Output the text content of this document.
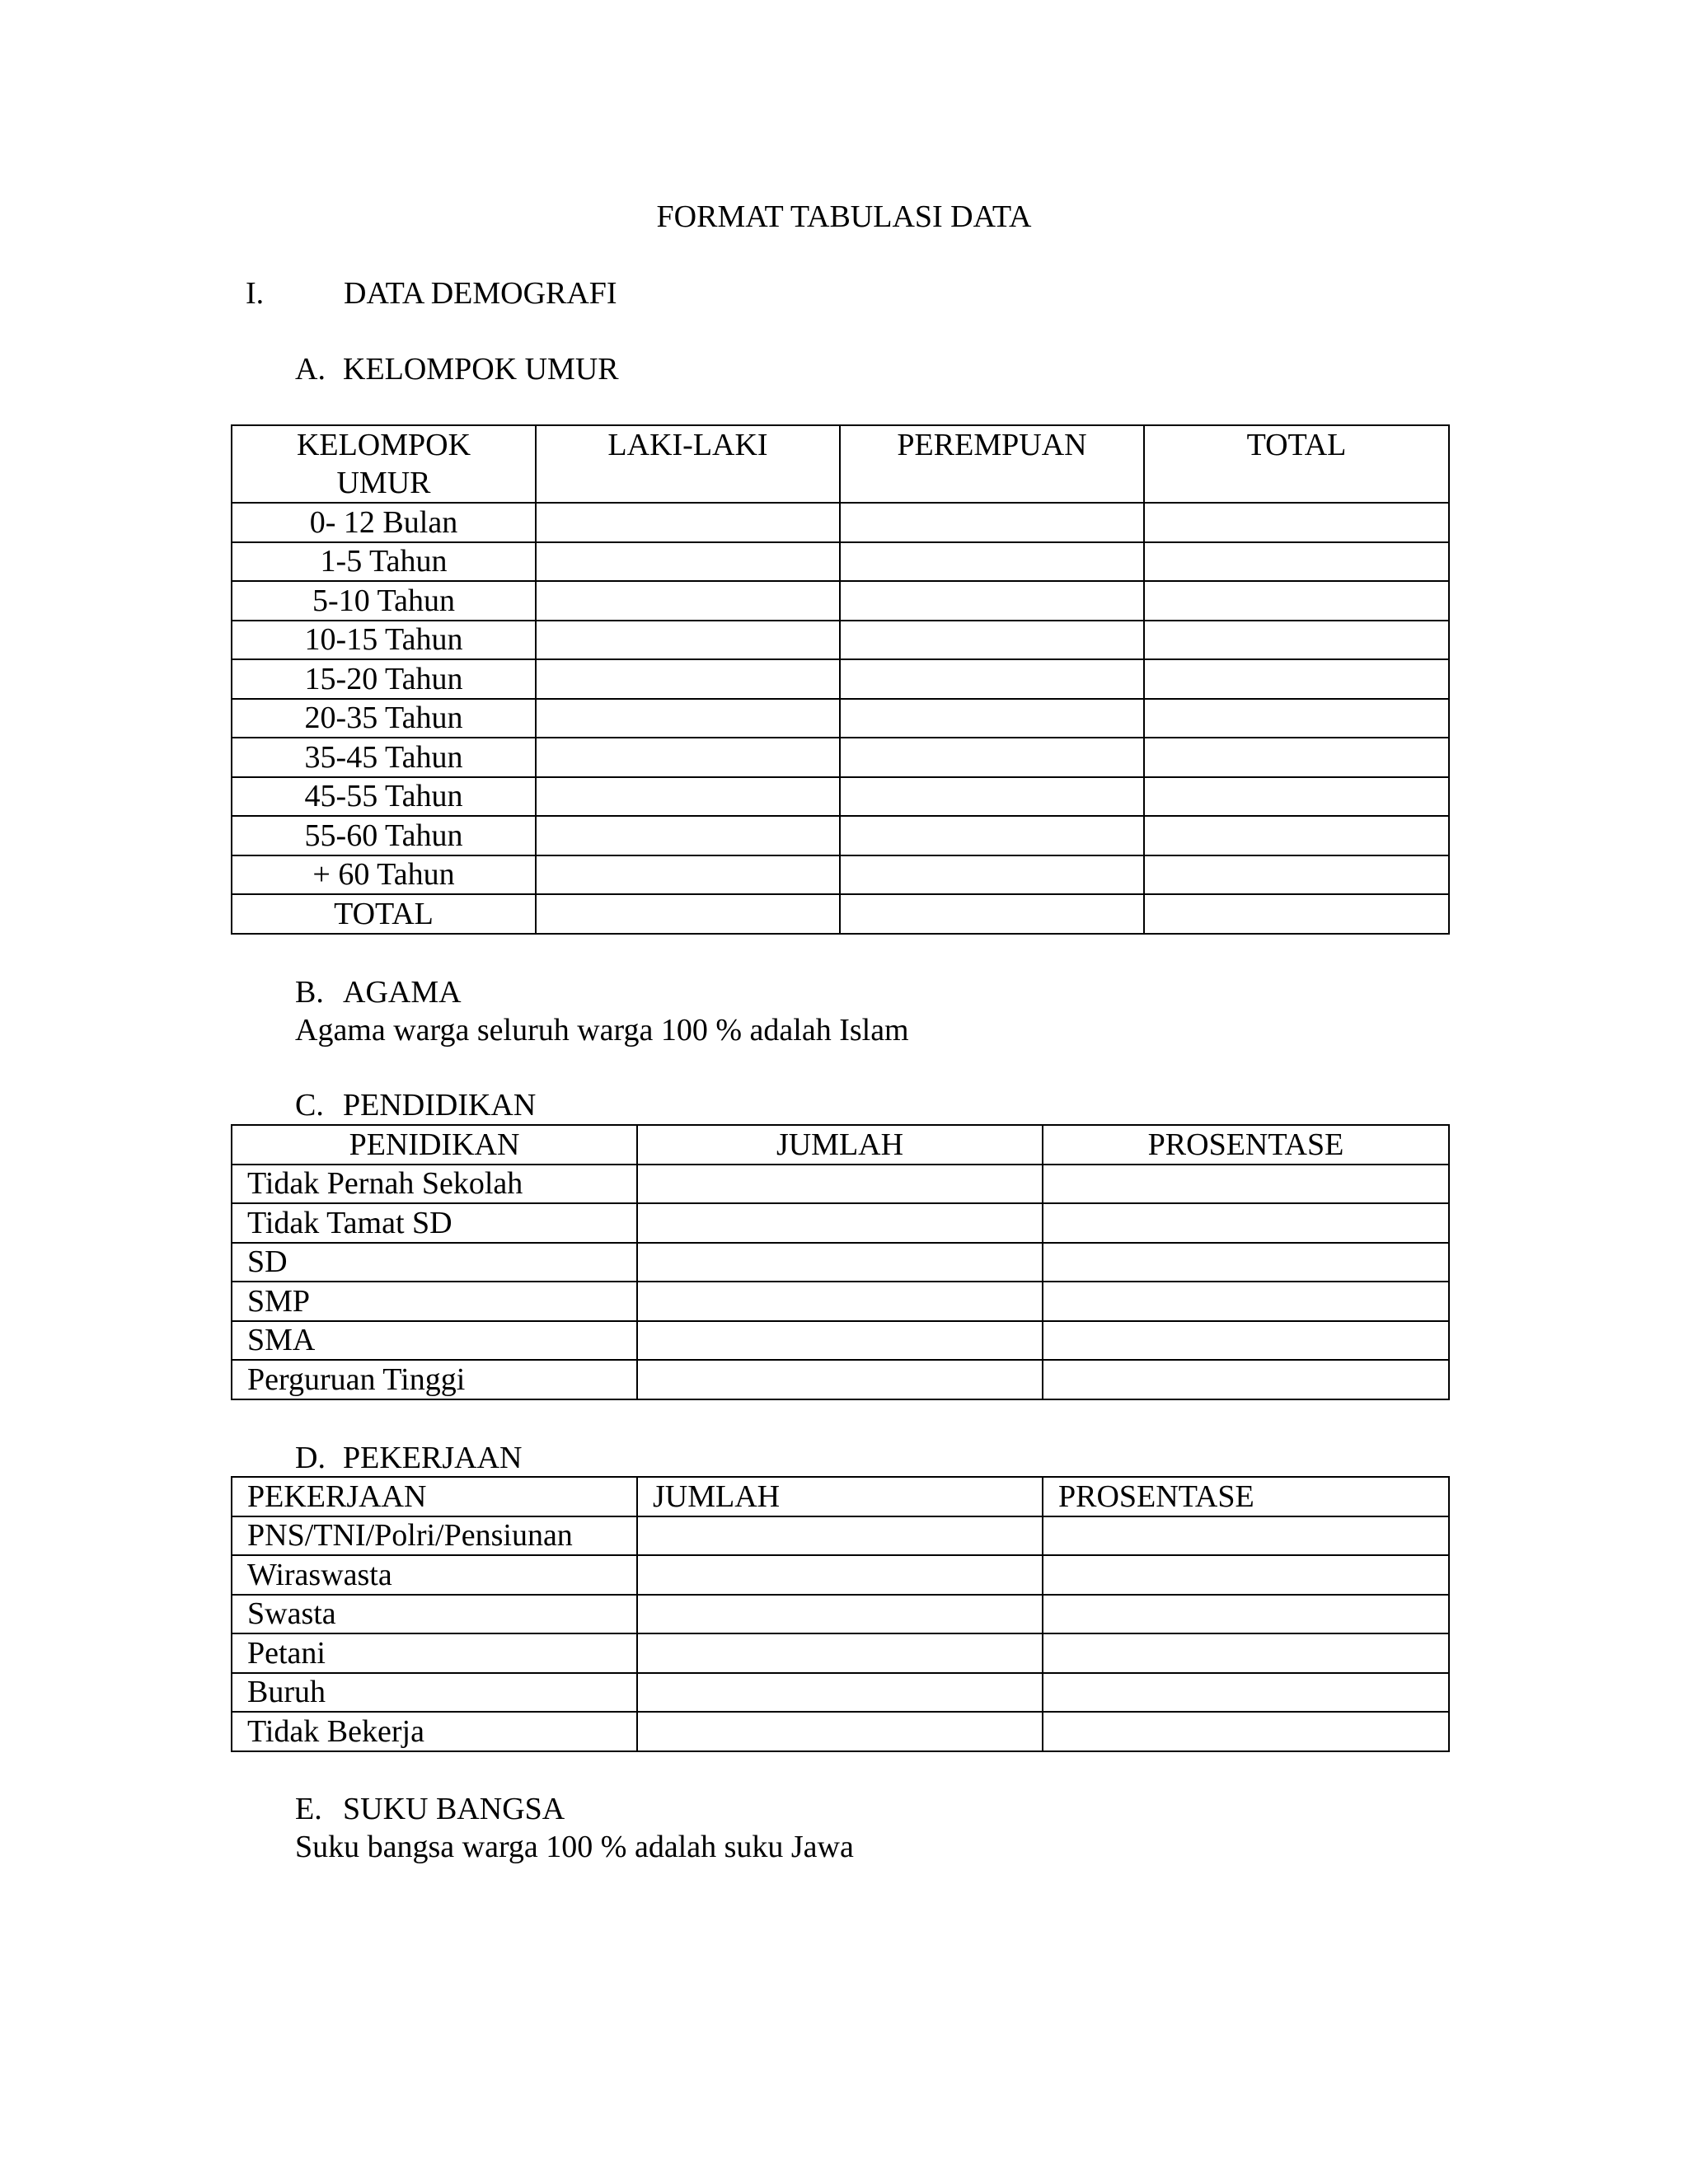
FORMAT TABULASI DATA
I.	DATA DEMOGRAFI
A. KELOMPOK UMUR
KELOMPOK UMUR	LAKI-LAKI	PEREMPUAN	TOTAL
0- 12 Bulan			
1-5 Tahun			
5-10 Tahun			
10-15 Tahun			
15-20 Tahun			
20-35 Tahun			
35-45 Tahun			
45-55 Tahun			
55-60 Tahun			
+ 60 Tahun			
TOTAL			
B. AGAMA
Agama warga seluruh warga 100 % adalah Islam
C. PENDIDIKAN
PENIDIKAN	JUMLAH	PROSENTASE
Tidak Pernah Sekolah		
Tidak Tamat SD		
SD		
SMP		
SMA		
Perguruan Tinggi		
D. PEKERJAAN
PEKERJAAN	JUMLAH	PROSENTASE
PNS/TNI/Polri/Pensiunan		
Wiraswasta		
Swasta		
Petani		
Buruh		
Tidak Bekerja		
E. SUKU BANGSA
Suku bangsa warga 100 % adalah suku Jawa
